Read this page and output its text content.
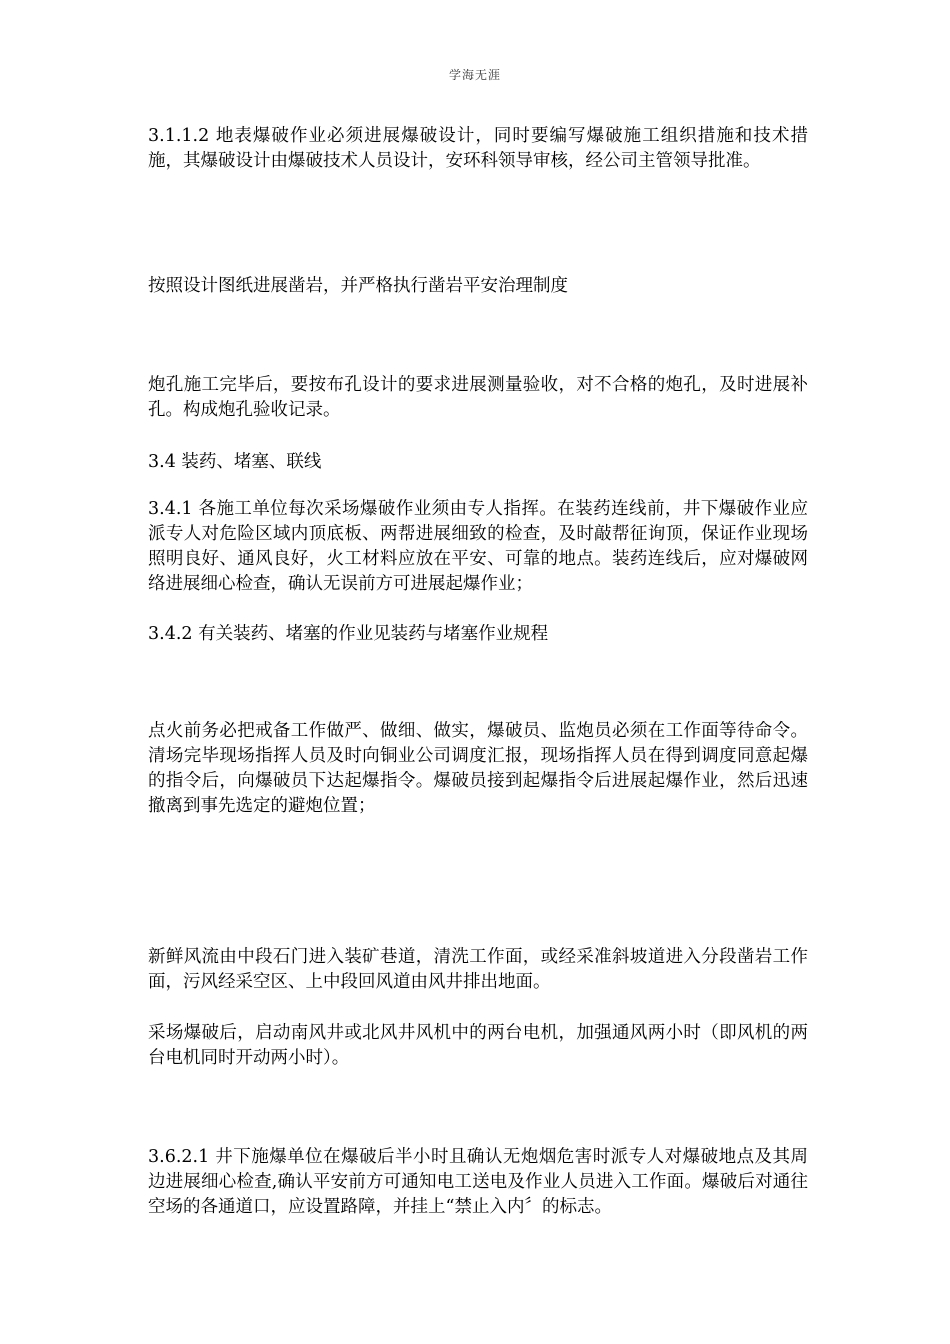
学海无涯

3.1.1.2 地表爆破作业必须进展爆破设计，同时要编写爆破施工组织措施和技术措施，其爆破设计由爆破技术人员设计，安环科领导审核，经公司主管领导批准。

按照设计图纸进展凿岩，并严格执行凿岩平安治理制度

炮孔施工完毕后，要按布孔设计的要求进展测量验收，对不合格的炮孔，及时进展补孔。构成炮孔验收记录。

3.4 装药、堵塞、联线

3.4.1 各施工单位每次采场爆破作业须由专人指挥。在装药连线前，井下爆破作业应派专人对危险区域内顶底板、两帮进展细致的检查，及时敲帮征询顶，保证作业现场照明良好、通风良好，火工材料应放在平安、可靠的地点。装药连线后，应对爆破网络进展细心检查，确认无误前方可进展起爆作业；

3.4.2 有关装药、堵塞的作业见装药与堵塞作业规程

点火前务必把戒备工作做严、做细、做实，爆破员、监炮员必须在工作面等待命令。清场完毕现场指挥人员及时向铜业公司调度汇报，现场指挥人员在得到调度同意起爆的指令后，向爆破员下达起爆指令。爆破员接到起爆指令后进展起爆作业，然后迅速撤离到事先选定的避炮位置；

新鲜风流由中段石门进入装矿巷道，清洗工作面，或经采准斜坡道进入分段凿岩工作面，污风经采空区、上中段回风道由风井排出地面。

采场爆破后，启动南风井或北风井风机中的两台电机，加强通风两小时（即风机的两台电机同时开动两小时）。

3.6.2.1 井下施爆单位在爆破后半小时且确认无炮烟危害时派专人对爆破地点及其周边进展细心检查,确认平安前方可通知电工送电及作业人员进入工作面。爆破后对通往空场的各通道口，应设置路障，并挂上“禁止入内〞的标志。
